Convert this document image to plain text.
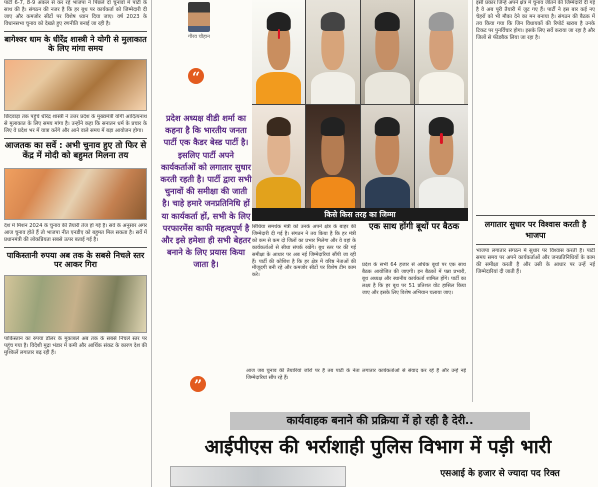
पार्टी 6-7, 8-9 अंकल से कर रहे भाजपा ने पिछले दो चुनावों में पार्टी के साथ की है। संगठन की नजर है कि हर बूथ पर कार्यकर्ता को जिम्मेदारी दी जाए और कमजोर सीटों पर विशेष ध्यान दिया जाए। वर्ष 2023 के विधानसभा चुनाव को देखते हुए रणनीति बनाई जा रही है।

बागेश्वर धाम के धीरेंद्र शास्त्री ने योगी से मुलाकात के लिए मांगा समय

छिंदवाड़ा तक पहुंचे धीरेंद्र शास्त्री ने उत्तर प्रदेश के मुख्यमंत्री योगी आदित्यनाथ से मुलाकात के लिए समय मांगा है। उन्होंने कहा कि सनातन धर्म के प्रचार के लिए वे प्रदेश भर में यात्रा करेंगे और आने वाले समय में बड़ा आयोजन होगा।

आजतक का सर्वे : अभी चुनाव हुए तो फिर से केंद्र में मोदी को बहुमत मिलना तय

देश में मिशन 2024 के चुनाव की तैयारी तेज हो गई है। सर्वे के अनुसार अगर आज चुनाव होते हैं तो भाजपा नीत एनडीए को बहुमत मिल सकता है। सर्वे में प्रधानमंत्री की लोकप्रियता सबसे ऊपर बताई गई है।

पाकिस्तानी रुपया अब तक के सबसे निचले स्तर पर आकर गिरा

पाकिस्तान का रुपया डॉलर के मुकाबले अब तक के सबसे निचले स्तर पर पहुंच गया है। विदेशी मुद्रा भंडार में कमी और आर्थिक संकट के कारण देश की मुश्किलें लगातार बढ़ रही हैं।

गौरव चौहान
“

प्रदेश अध्यक्ष वीडी शर्मा का कहना है कि भारतीय जनता पार्टी एक कैडर बेस्ड पार्टी है। इसलिए पार्टी अपने कार्यकर्ताओं को लगातार सुधार करती रहती है। पार्टी द्वारा सभी चुनावों की समीक्षा की जाती है। चाहे हमारे जनप्रतिनिधि हों या कार्यकर्ता हों, सभी के लिए परफारमेंस काफी महत्वपूर्ण है और इसे हमेशा ही सभी बेहतर बनाने के लिए प्रयास किया जाता है।

”
किसे किस तरह का जिम्मा

सिंधिया समर्थक मंत्री को उनके अपने क्षेत्र के बाहर की जिम्मेदारी दी गई है। संगठन ने तय किया है कि हर मंत्री को कम से कम दो जिलों का प्रभार मिलेगा और वे वहां के कार्यकर्ताओं से सीधा संपर्क रखेंगे। बूथ स्तर पर की गई समीक्षा के आधार पर अब नई जिम्मेदारियां सौंपी जा रही हैं। पार्टी की कोशिश है कि हर क्षेत्र में वरिष्ठ नेताओं की मौजूदगी बनी रहे और कमजोर सीटों पर विशेष टीम काम करे।

एक साथ होंगी बूथों पर बैठक

प्रदेश के सभी 64 हजार से अधिक बूथों पर एक साथ बैठक आयोजित की जाएगी। इन बैठकों में पन्ना प्रभारी, बूथ अध्यक्ष और स्थानीय कार्यकर्ता शामिल होंगे। पार्टी का लक्ष्य है कि हर बूथ पर 51 प्रतिशत वोट हासिल किया जाए और इसके लिए विशेष अभियान चलाया जाए।

आज जब चुनाव की तैयारियां जोरों पर हैं तब पार्टी के नेता लगातार कार्यकर्ताओं से संवाद कर रहे हैं और उन्हें नई जिम्मेदारियां सौंप रहे हैं।

इसी प्रकार जिन्हें अपने क्षेत्र में चुनाव जीतने की जिम्मेदारी दी गई है वे अब पूरी तैयारी में जुट गए हैं। पार्टी ने इस बार कई नए चेहरों को भी मौका देने का मन बनाया है। संगठन की बैठक में तय किया गया कि जिन विधायकों की रिपोर्ट खराब है उनके टिकट पर पुनर्विचार होगा। इसके लिए सर्वे कराया जा रहा है और जिलों से फीडबैक लिया जा रहा है।

लगातार सुधार पर विश्वास करती है भाजपा

भाजपा लगातार संगठन में सुधार पर विश्वास करती है। पार्टी समय समय पर अपने कार्यकर्ताओं और जनप्रतिनिधियों के काम की समीक्षा करती है और उसी के आधार पर उन्हें नई जिम्मेदारियां दी जाती हैं।

कार्यवाहक बनाने की प्रक्रिया में हो रही है देरी..
आईपीएस की भर्राशाही पुलिस विभाग में पड़ी भारी

एसआई के हजार से ज्यादा पद रिक्त
